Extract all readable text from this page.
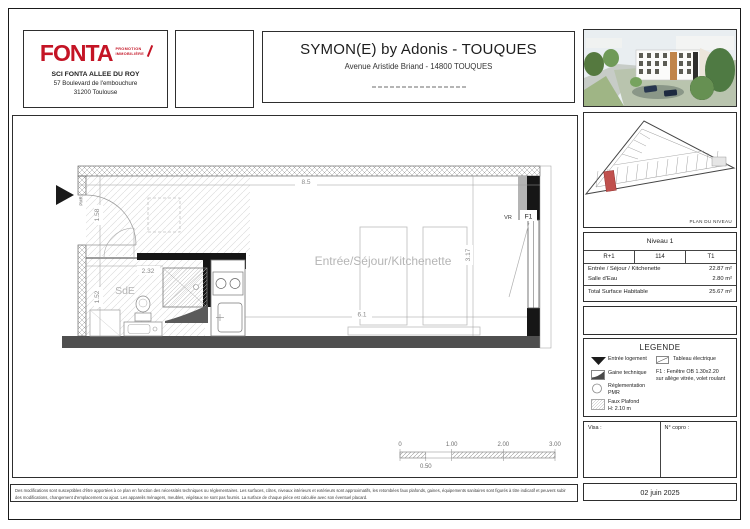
FONTA PROMOTION
IMMOBILIÈRE
SCI FONTA ALLEE DU ROY
57 Boulevard de l'embouchure
31200 Toulouse
SYMON(E) by Adonis - TOUQUES
Avenue Aristide Briand - 14800 TOUQUES
PLAN DU NIVEAU
Niveau 1
R+1	114	T1
Entrée / Séjour / Kitchenette	22.87 m²
Salle d'Eau	2.80 m²
Total Surface Habitable	25.67 m²
LEGENDE
Entrée logement
Gaine technique
Réglementation
PMR
Faux Plafond
H: 2.10 m
Tableau électrique
F1 : Fenêtre OB 1.30x2.20
sur allège vitrée, volet roulant
Visa :	N° copro :
02 juin 2025
8.5
6.1
3.17
1.58
1.52
2.32
Entrée/Séjour/Kitchenette
SdE
PMR
VR F1
0	1.00	2.00	3.00
0.50
Des modifications sont susceptibles d'être apportées à ce plan en fonction des nécessités techniques ou réglementaires. Les surfaces, côtes, niveaux intérieurs et extérieurs sont approximatifs, les retombées faux plafonds, gaines, équipements sanitaires sont figurés à titre indicatif et peuvent subir
des modifications, changement d'emplacement ou ajout. Les appareils ménagers, meubles, végétaux ne sont pas fournis. La surface de chaque pièce est calculée avec son éventuel placard.
